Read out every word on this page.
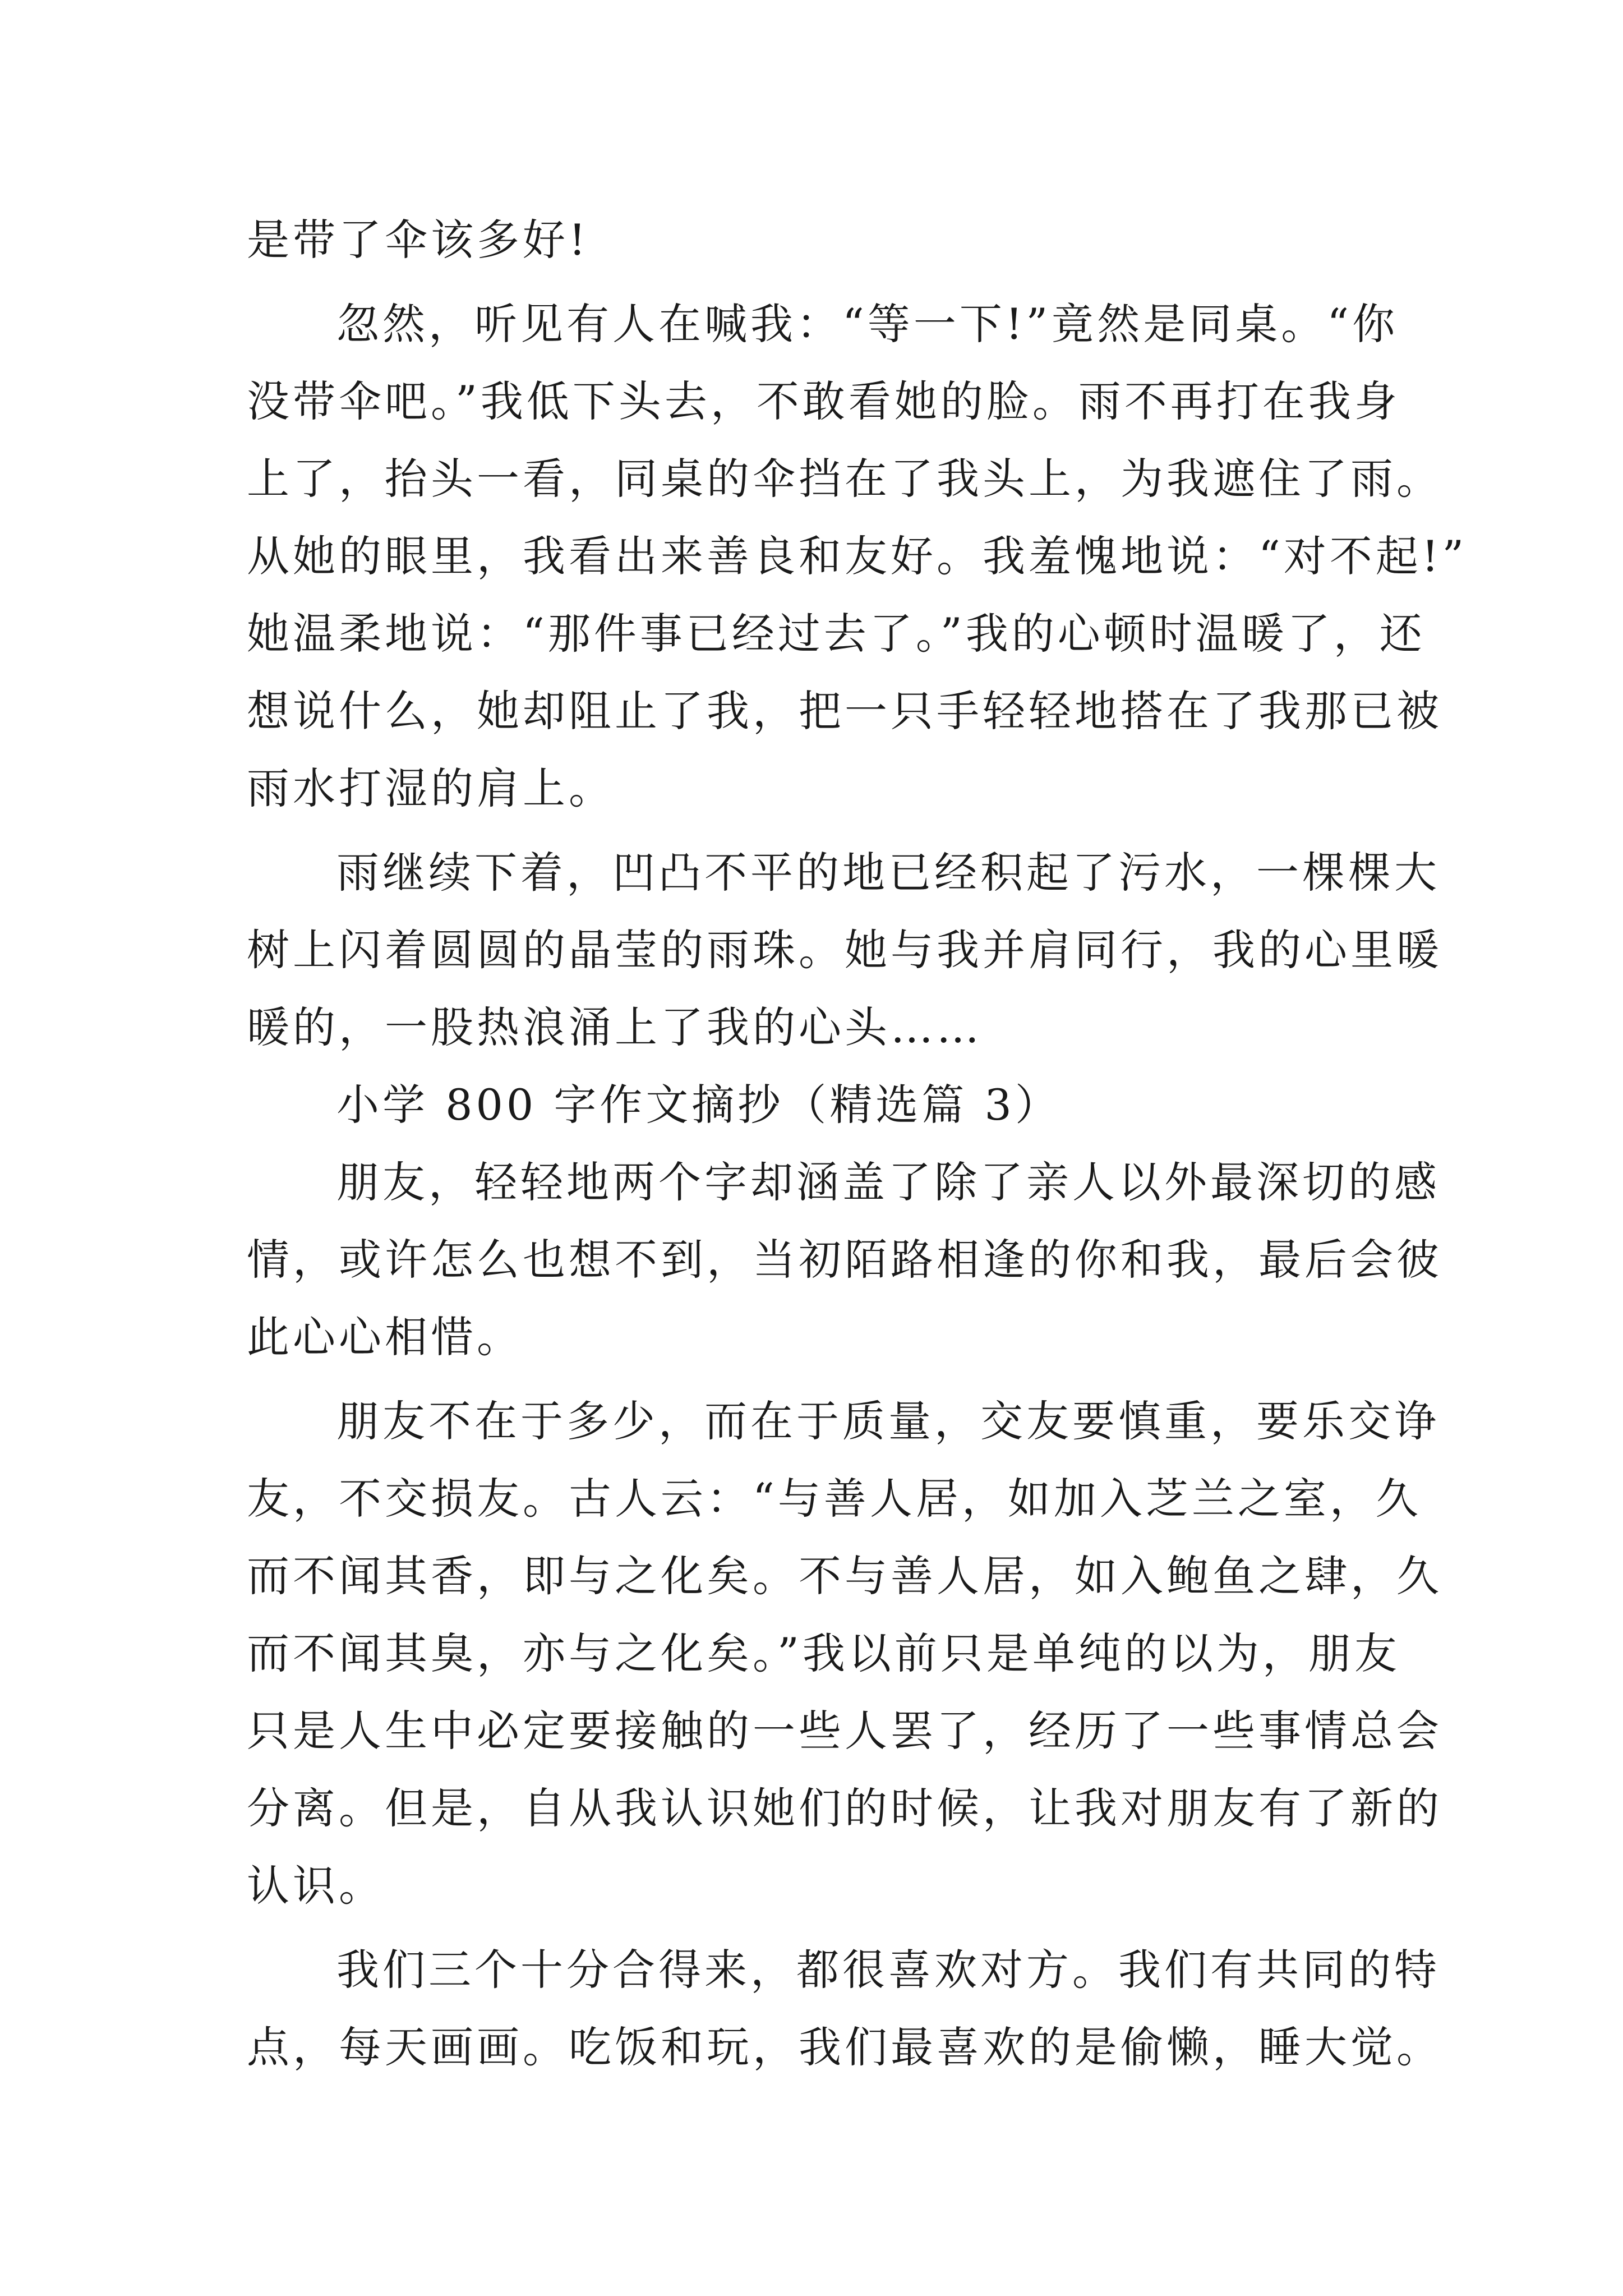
是带了伞该多好!
忽然，听见有人在喊我：“等一下!”竟然是同桌。“你
没带伞吧。”我低下头去，不敢看她的脸。雨不再打在我身
上了，抬头一看，同桌的伞挡在了我头上，为我遮住了雨。
从她的眼里，我看出来善良和友好。我羞愧地说：“对不起!”
她温柔地说：“那件事已经过去了。”我的心顿时温暖了，还
想说什么，她却阻止了我，把一只手轻轻地搭在了我那已被
雨水打湿的肩上。
雨继续下着，凹凸不平的地已经积起了污水，一棵棵大
树上闪着圆圆的晶莹的雨珠。她与我并肩同行，我的心里暖
暖的，一股热浪涌上了我的心头……
小学 800 字作文摘抄（精选篇 3）
朋友，轻轻地两个字却涵盖了除了亲人以外最深切的感
情，或许怎么也想不到，当初陌路相逢的你和我，最后会彼
此心心相惜。
朋友不在于多少，而在于质量，交友要慎重，要乐交诤
友，不交损友。古人云：“与善人居，如加入芝兰之室，久
而不闻其香，即与之化矣。不与善人居，如入鲍鱼之肆，久
而不闻其臭，亦与之化矣。”我以前只是单纯的以为，朋友
只是人生中必定要接触的一些人罢了，经历了一些事情总会
分离。但是，自从我认识她们的时候，让我对朋友有了新的
认识。
我们三个十分合得来，都很喜欢对方。我们有共同的特
点，每天画画。吃饭和玩，我们最喜欢的是偷懒，睡大觉。
